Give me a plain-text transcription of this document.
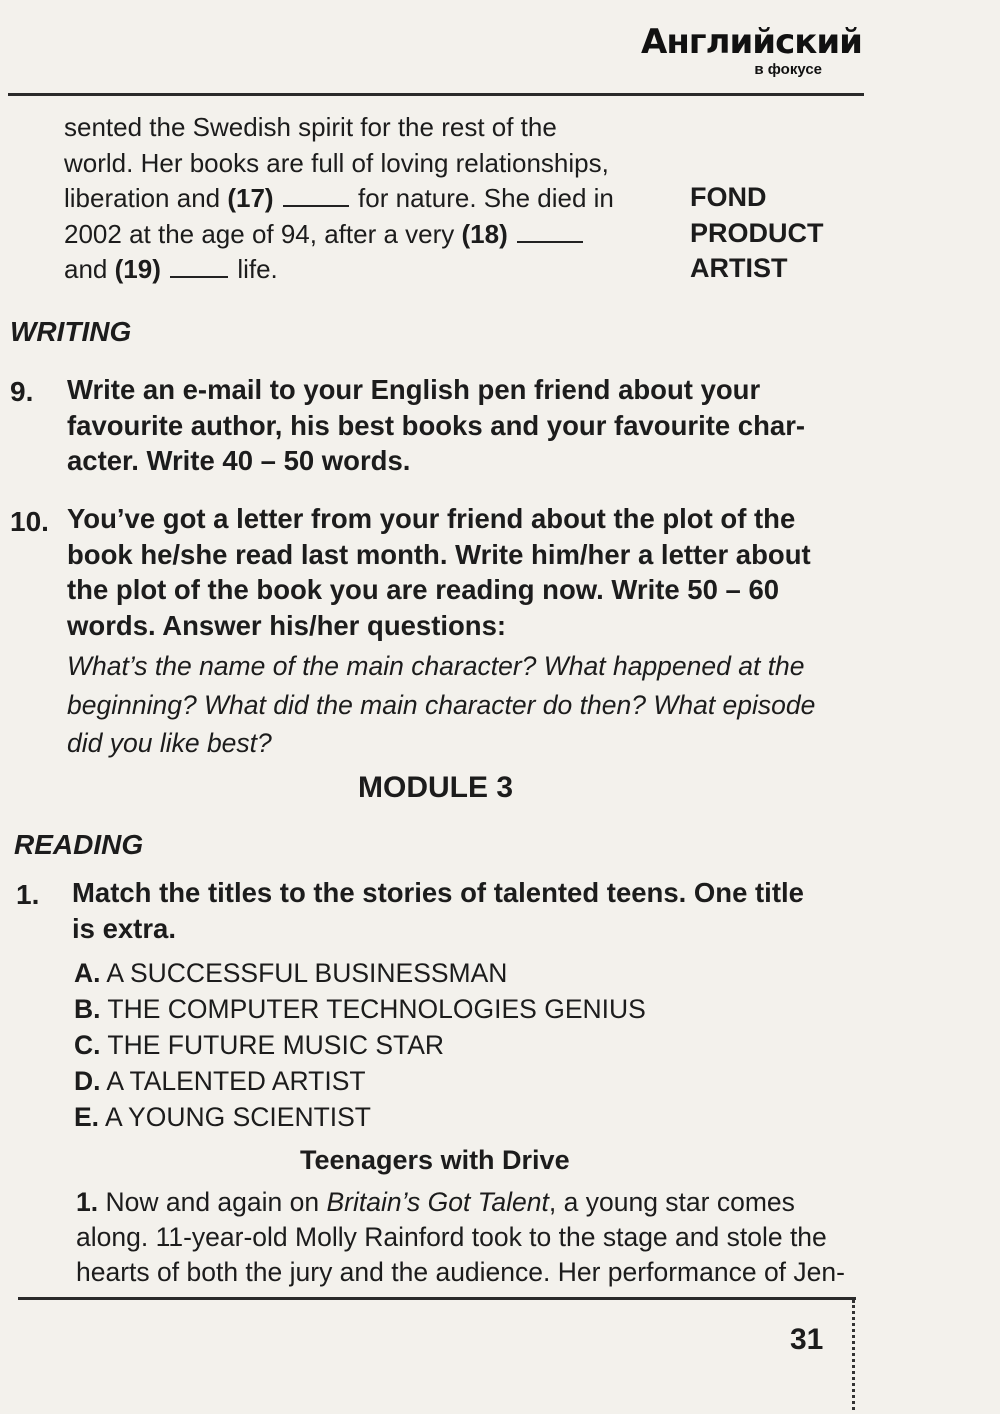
Английский
в фокусе
sented the Swedish spirit for the rest of the
world. Her books are full of loving relationships,
liberation and (17)	for nature. She died in
2002 at the age of 94, after a very (18)
and (19)	life.
FOND
PRODUCT
ARTIST
WRITING
9. Write an e-mail to your English pen friend about your
favourite author, his best books and your favourite char-
acter. Write 40 – 50 words.
10. You’ve got a letter from your friend about the plot of the
book he/she read last month. Write him/her a letter about
the plot of the book you are reading now. Write 50 – 60
words. Answer his/her questions:
What’s the name of the main character? What happened at the
beginning? What did the main character do then? What episode
did you like best?
MODULE 3
READING
1. Match the titles to the stories of talented teens. One title
is extra.
A. A SUCCESSFUL BUSINESSMAN
B. THE COMPUTER TECHNOLOGIES GENIUS
C. THE FUTURE MUSIC STAR
D. A TALENTED ARTIST
E. A YOUNG SCIENTIST
Teenagers with Drive
1. Now and again on Britain’s Got Talent, a young star comes
along. 11-year-old Molly Rainford took to the stage and stole the
hearts of both the jury and the audience. Her performance of Jen-
31
